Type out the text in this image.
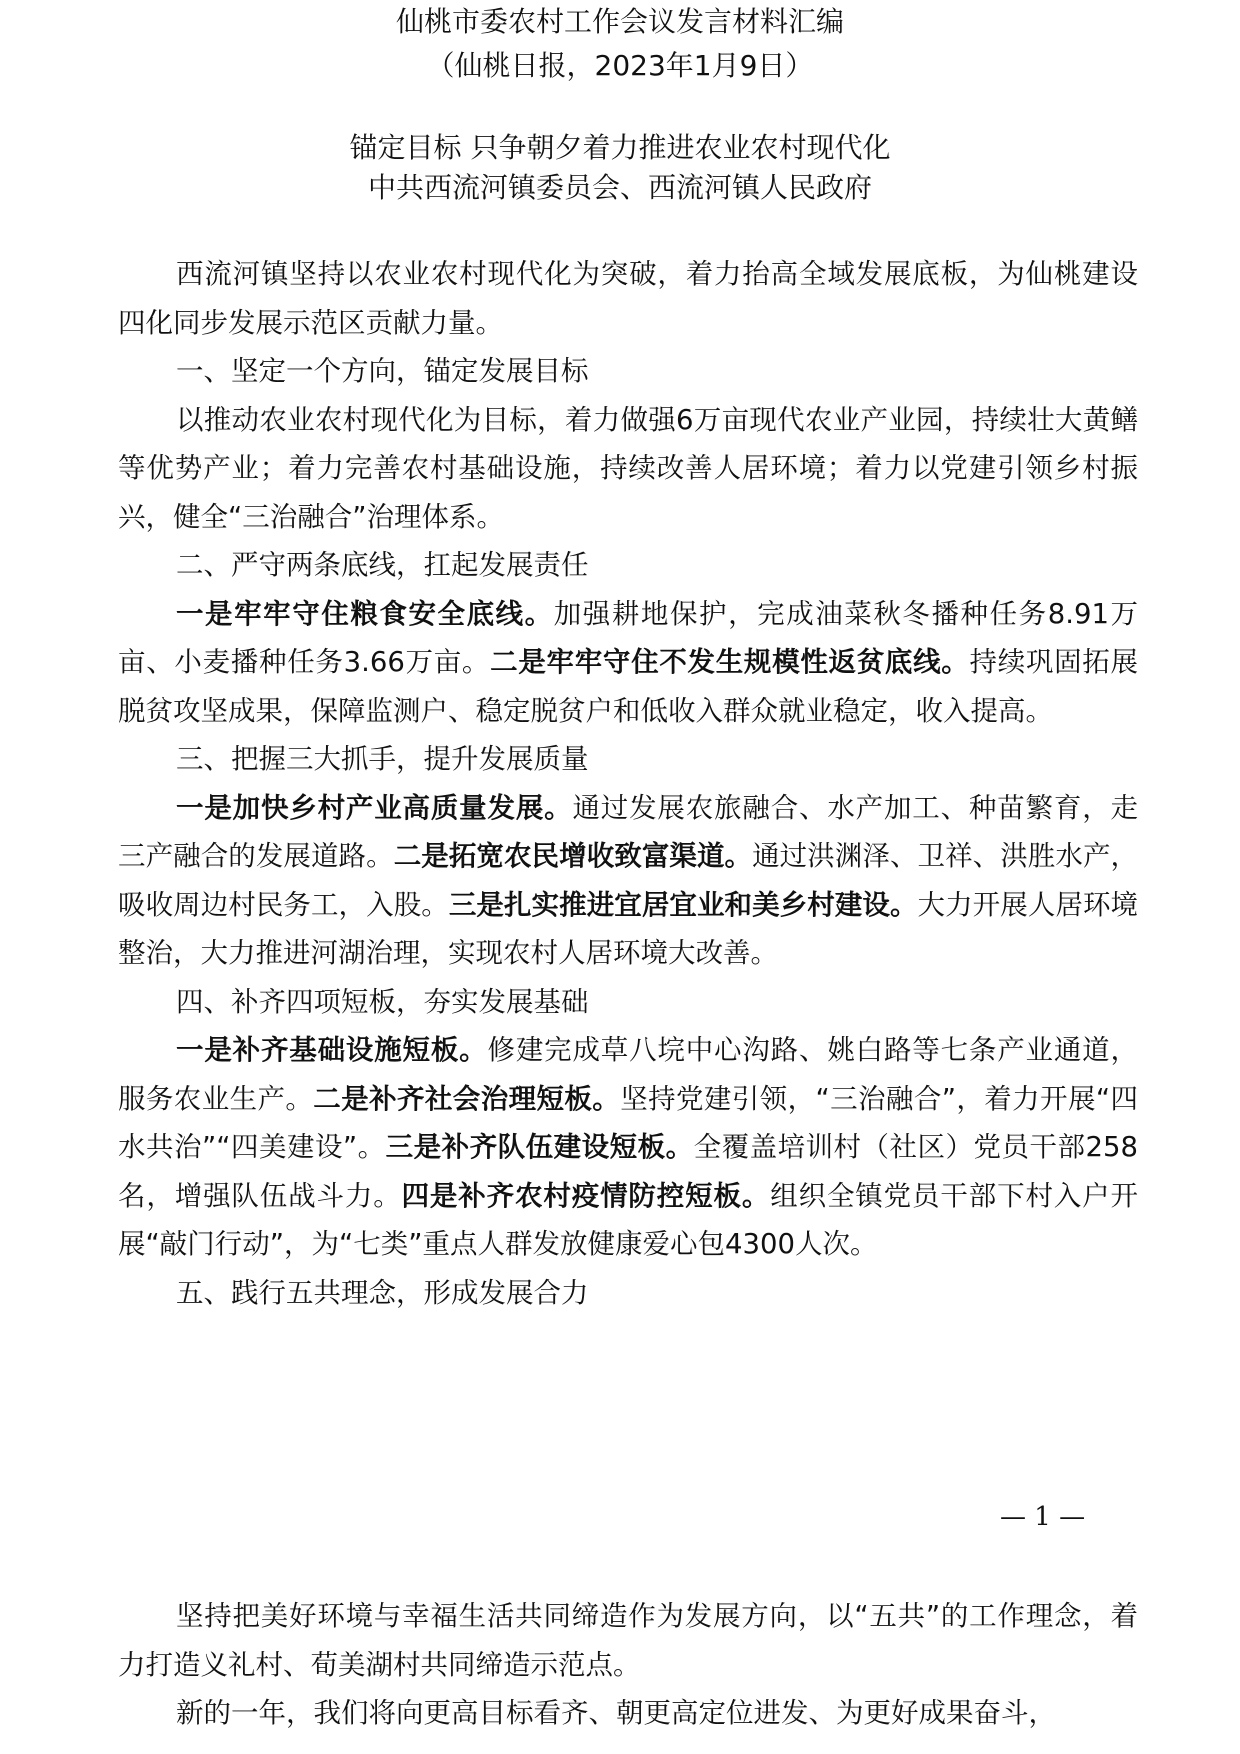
仙桃市委农村工作会议发言材料汇编
（仙桃日报，2023年1月9日）
锚定目标 只争朝夕着力推进农业农村现代化
中共西流河镇委员会、西流河镇人民政府

西流河镇坚持以农业农村现代化为突破，着力抬高全域发展底板，为仙桃建设四化同步发展示范区贡献力量。

一、坚定一个方向，锚定发展目标

以推动农业农村现代化为目标，着力做强6万亩现代农业产业园，持续壮大黄鳝等优势产业；着力完善农村基础设施，持续改善人居环境；着力以党建引领乡村振兴，健全“三治融合”治理体系。

二、严守两条底线，扛起发展责任

一是牢牢守住粮食安全底线。加强耕地保护，完成油菜秋冬播种任务8.91万亩、小麦播种任务3.66万亩。二是牢牢守住不发生规模性返贫底线。持续巩固拓展脱贫攻坚成果，保障监测户、稳定脱贫户和低收入群众就业稳定，收入提高。

三、把握三大抓手，提升发展质量

一是加快乡村产业高质量发展。通过发展农旅融合、水产加工、种苗繁育，走三产融合的发展道路。二是拓宽农民增收致富渠道。通过洪渊泽、卫祥、洪胜水产，吸收周边村民务工，入股。三是扎实推进宜居宜业和美乡村建设。大力开展人居环境整治，大力推进河湖治理，实现农村人居环境大改善。

四、补齐四项短板，夯实发展基础

一是补齐基础设施短板。修建完成草八垸中心沟路、姚白路等七条产业通道，服务农业生产。二是补齐社会治理短板。坚持党建引领，“三治融合”，着力开展“四水共治”“四美建设”。三是补齐队伍建设短板。全覆盖培训村（社区）党员干部258名，增强队伍战斗力。四是补齐农村疫情防控短板。组织全镇党员干部下村入户开展“敲门行动”，为“七类”重点人群发放健康爱心包4300人次。

五、践行五共理念，形成发展合力

— 1 —

坚持把美好环境与幸福生活共同缔造作为发展方向，以“五共”的工作理念，着力打造义礼村、荀美湖村共同缔造示范点。

新的一年，我们将向更高目标看齐、朝更高定位进发、为更好成果奋斗，
